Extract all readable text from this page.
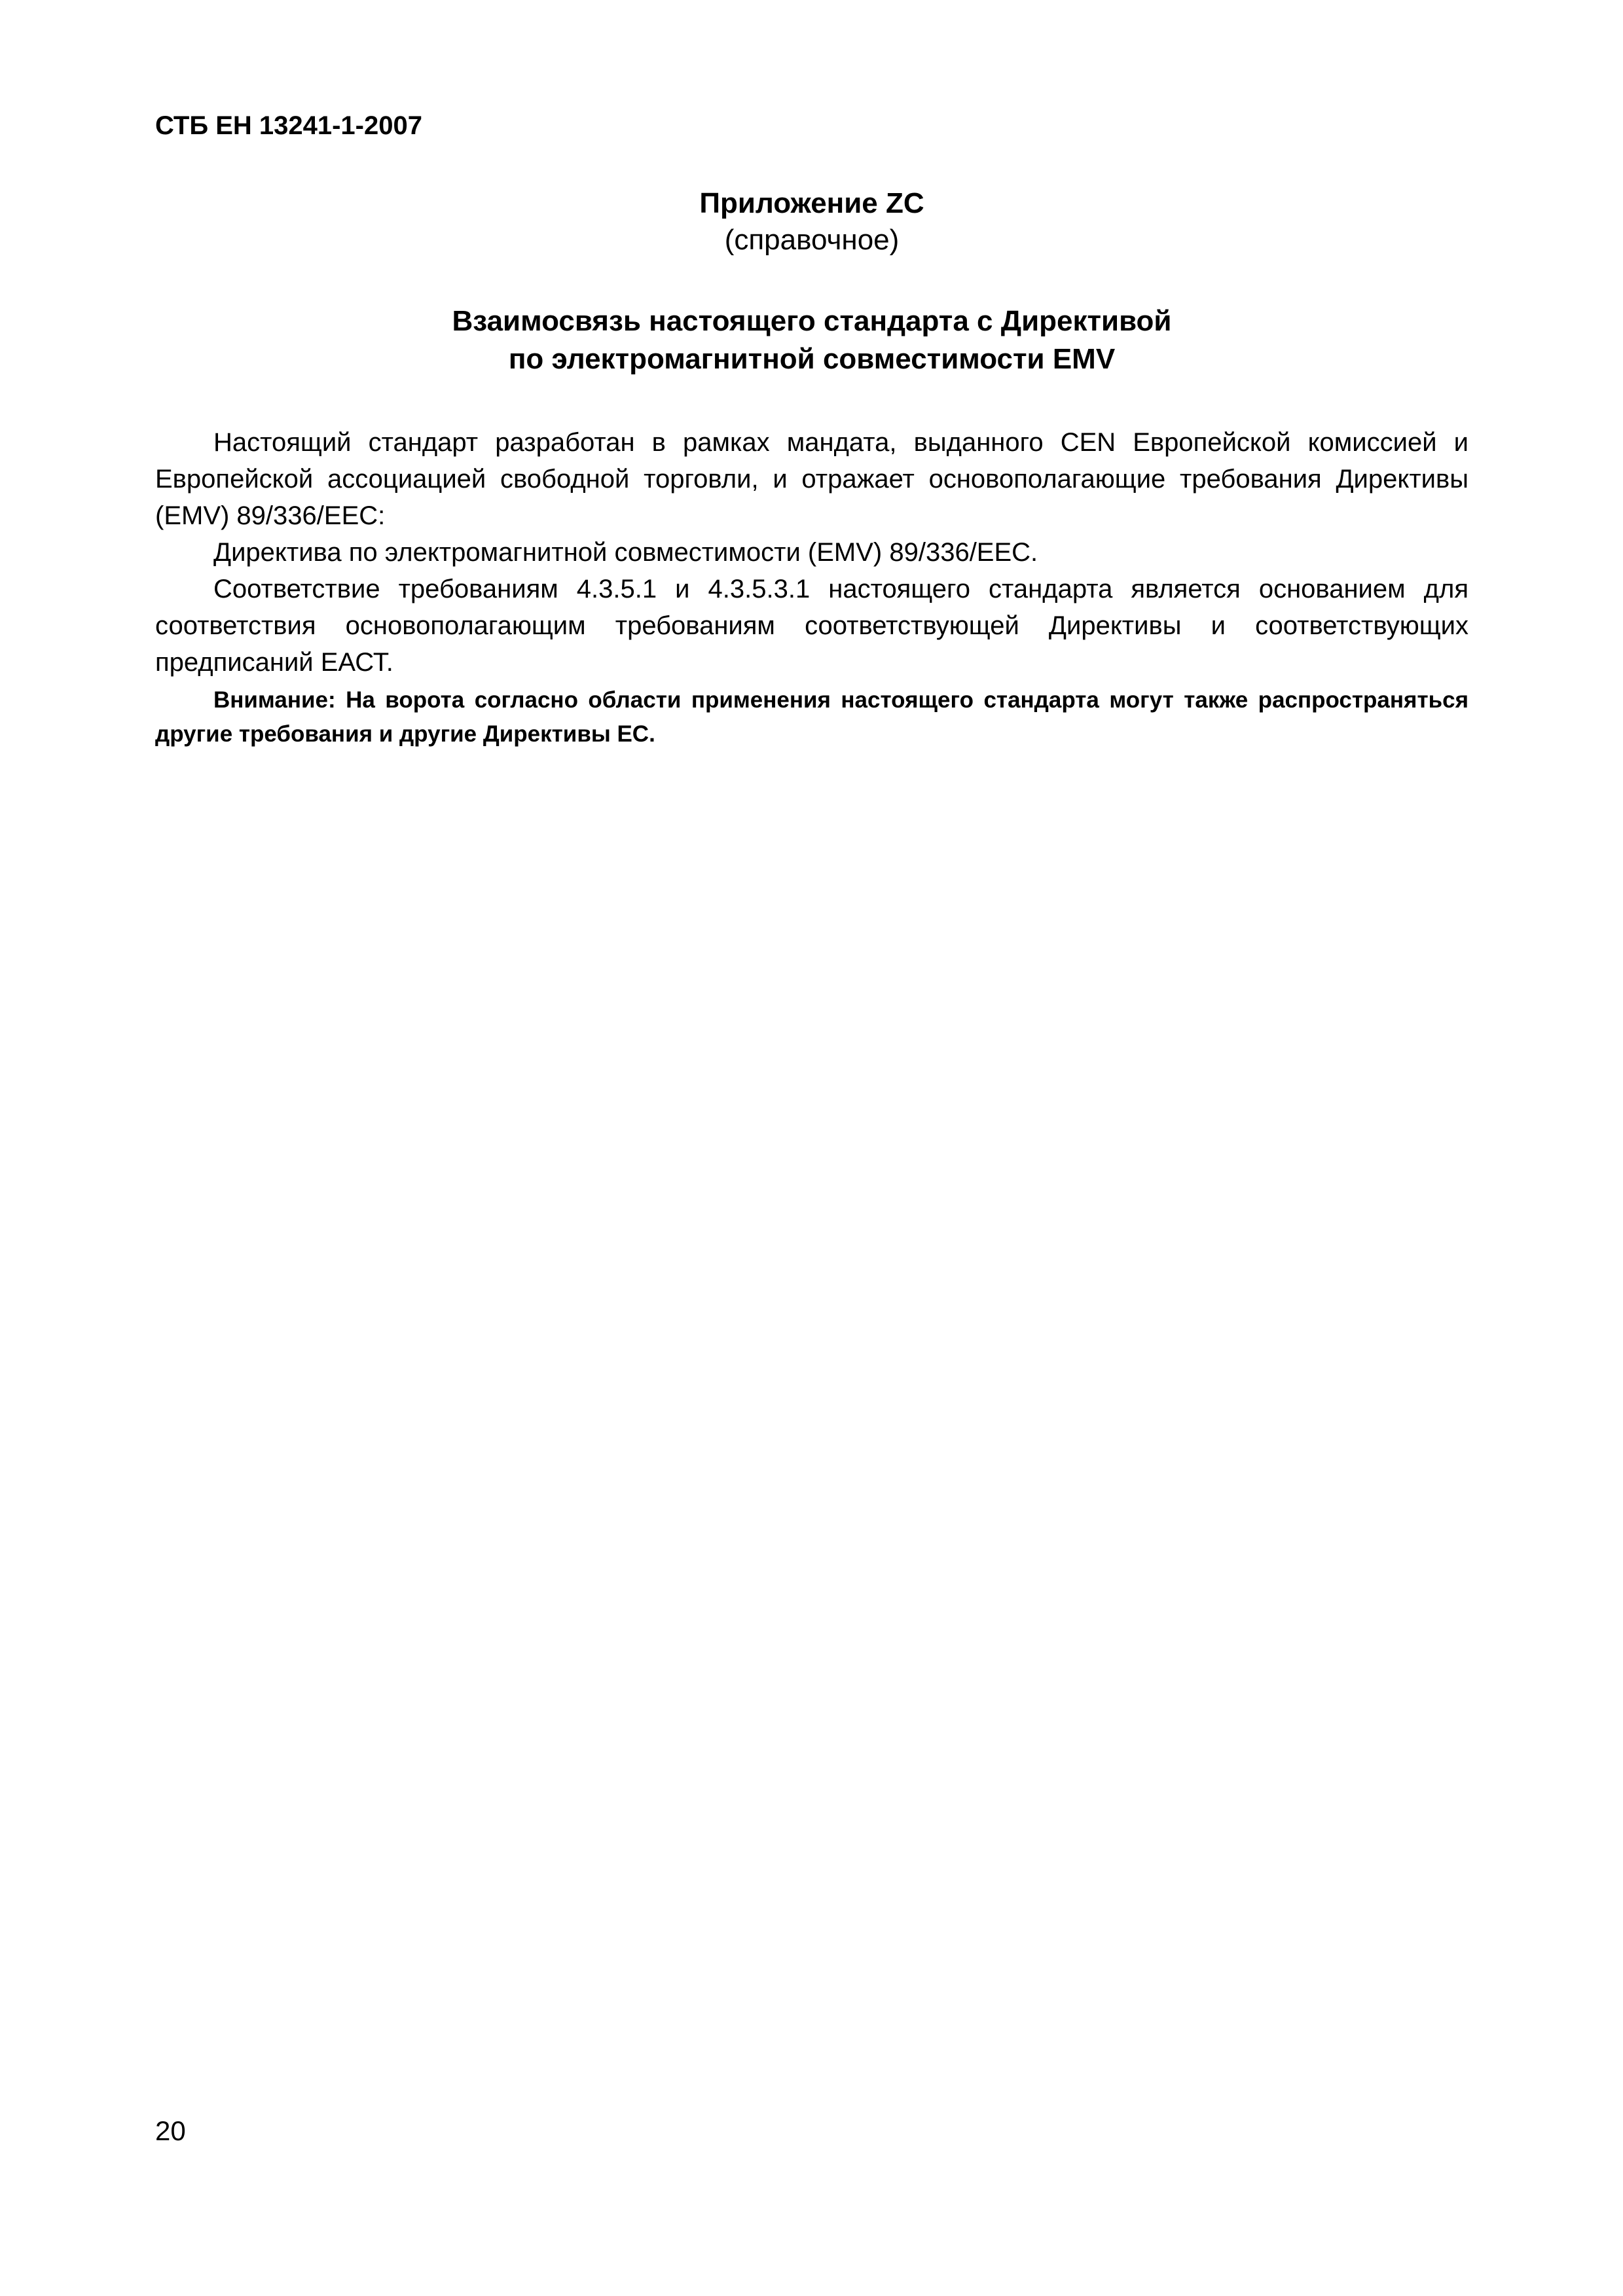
СТБ ЕН 13241-1-2007
Приложение ZC
(справочное)
Взаимосвязь настоящего стандарта с Директивой
по электромагнитной совместимости EMV

Настоящий стандарт разработан в рамках мандата, выданного CEN Европейской комиссией и Европейской ассоциацией свободной торговли, и отражает основополагающие требования Директивы (EMV) 89/336/EEC:

Директива по электромагнитной совместимости (EMV) 89/336/EEC.

Соответствие требованиям 4.3.5.1 и 4.3.5.3.1 настоящего стандарта является основанием для соответствия основополагающим требованиям соответствующей Директивы и соответствующих предписаний ЕАСТ.

Внимание: На ворота согласно области применения настоящего стандарта могут также распространяться другие требования и другие Директивы ЕС.

20
